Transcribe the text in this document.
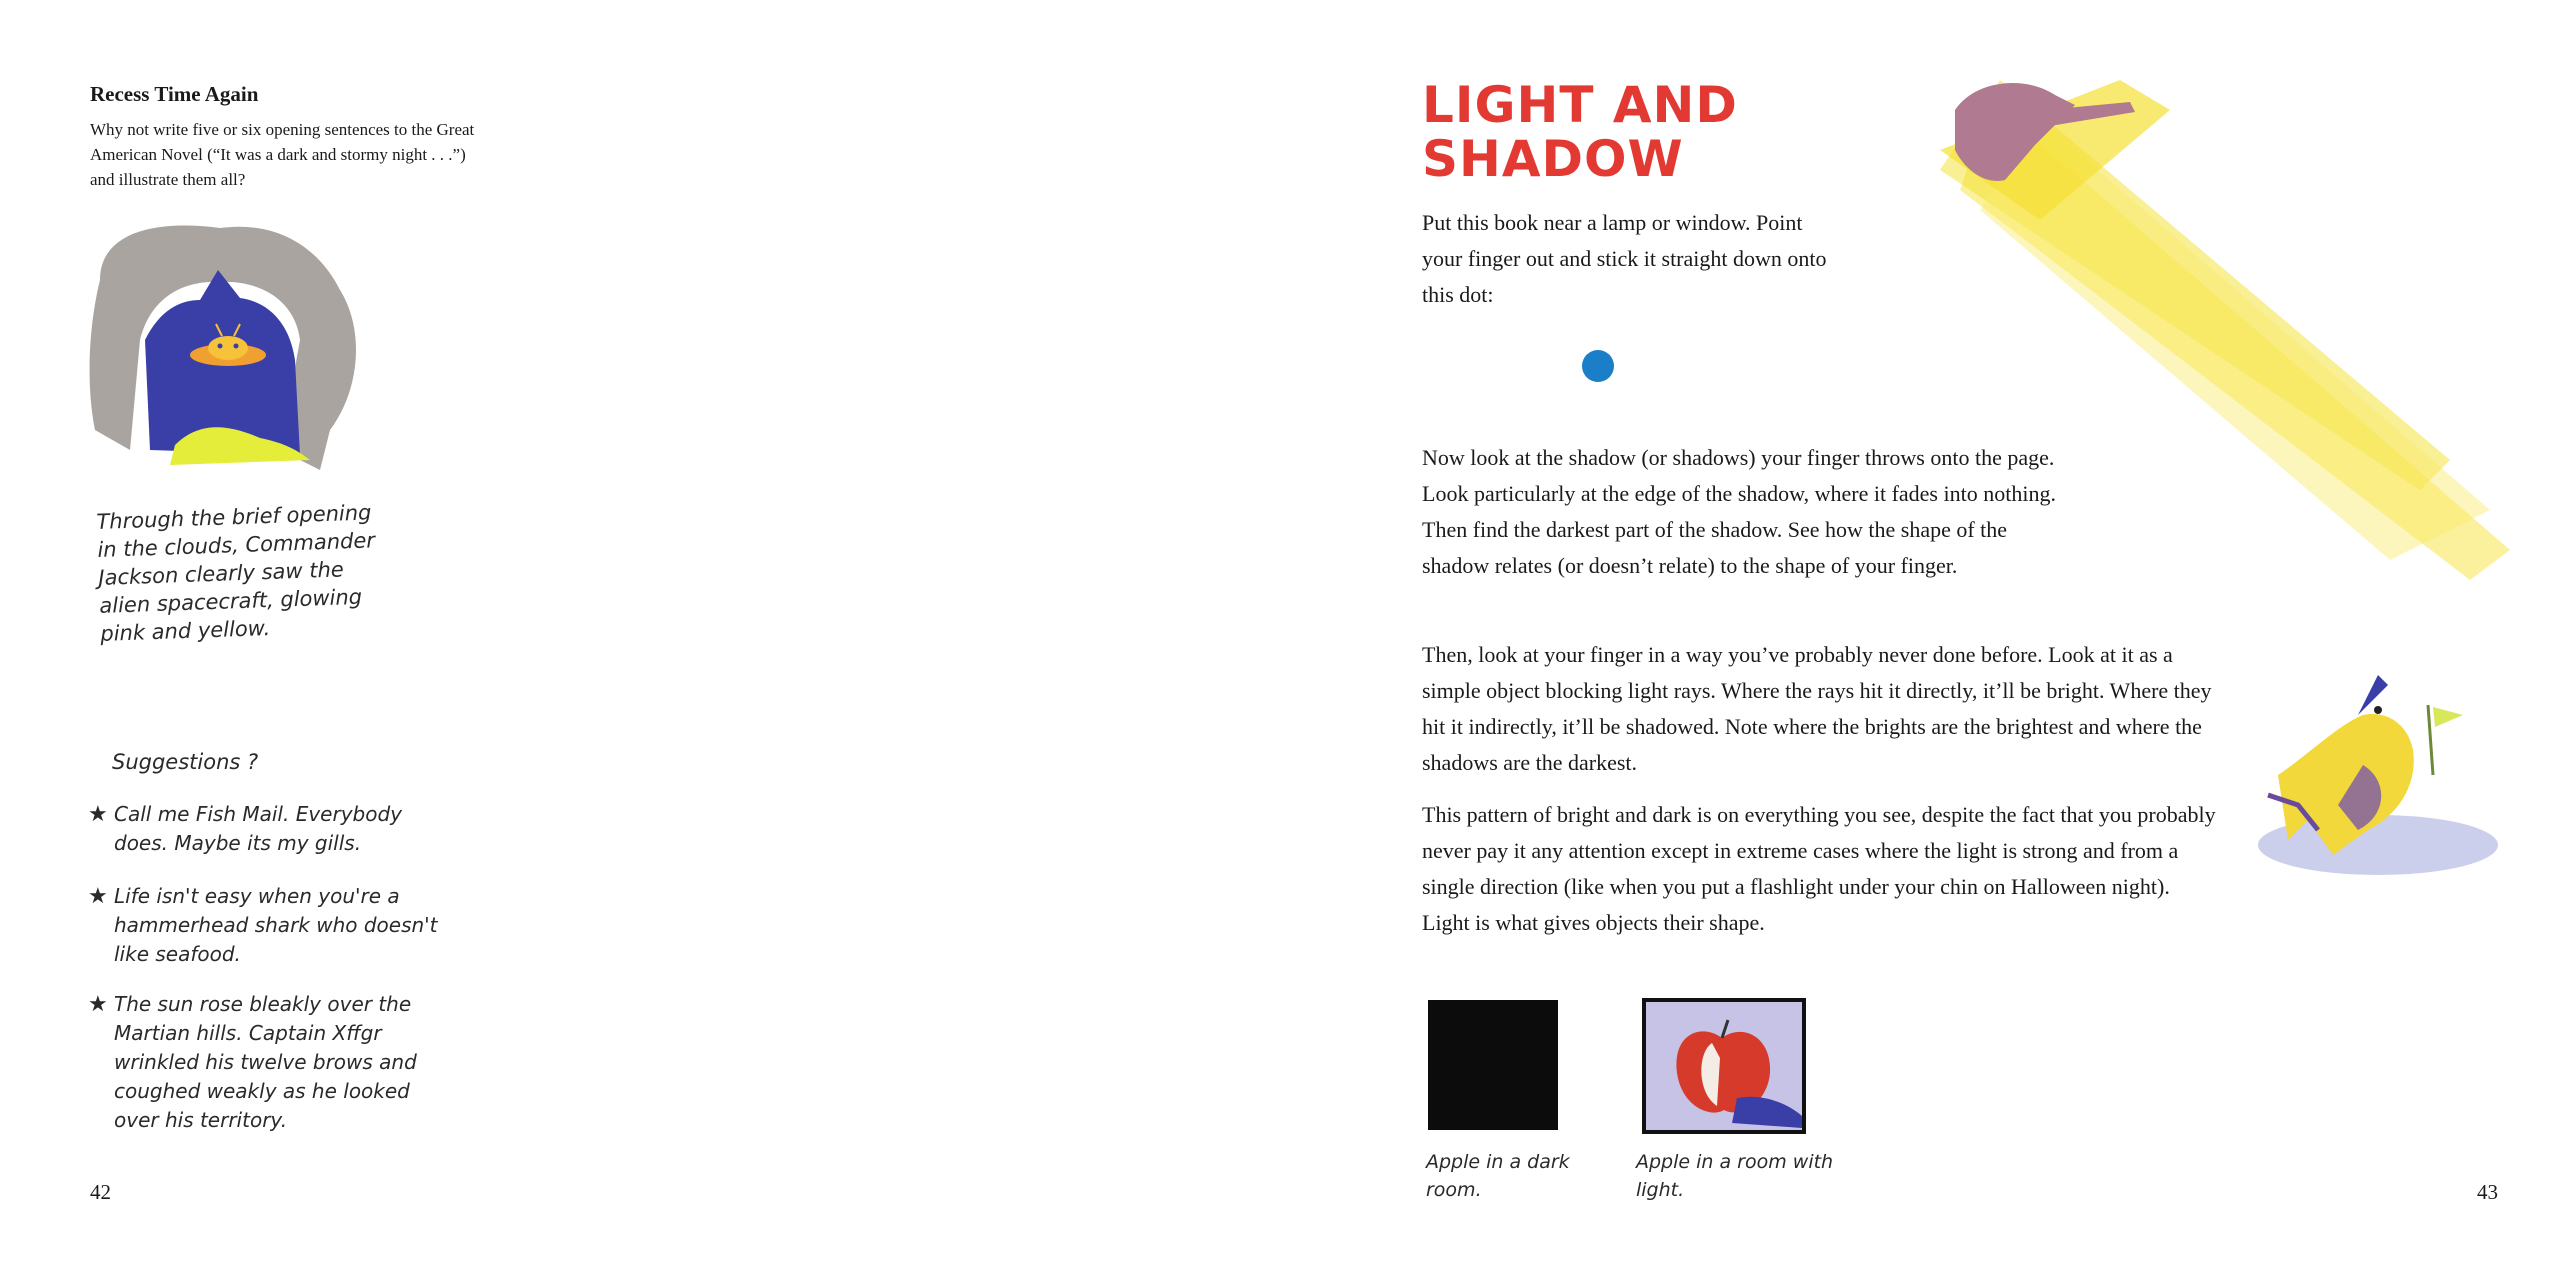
Recess Time Again

Why not write five or six opening sentences to the Great American Novel (“It was a dark and stormy night . . .”) and illustrate them all?

Through the brief opening in the clouds, Commander Jackson clearly saw the alien spacecraft, glowing pink and yellow.
Suggestions ?
★ Call me Fish Mail. Everybody does. Maybe its my gills.
★ Life isn't easy when you're a hammerhead shark who doesn't like seafood.
★ The sun rose bleakly over the Martian hills. Captain Xffgr wrinkled his twelve brows and coughed weakly as he looked over his territory.
42
LIGHT AND SHADOW

Put this book near a lamp or window. Point your finger out and stick it straight down onto this dot:

Now look at the shadow (or shadows) your finger throws onto the page. Look particularly at the edge of the shadow, where it fades into nothing. Then find the darkest part of the shadow. See how the shape of the shadow relates (or doesn’t relate) to the shape of your finger.

Then, look at your finger in a way you’ve probably never done before. Look at it as a simple object blocking light rays. Where the rays hit it directly, it’ll be bright. Where they hit it indirectly, it’ll be shadowed. Note where the brights are the brightest and where the shadows are the darkest.

This pattern of bright and dark is on everything you see, despite the fact that you probably never pay it any attention except in extreme cases where the light is strong and from a single direction (like when you put a flashlight under your chin on Halloween night). Light is what gives objects their shape.

Apple in a dark room.
Apple in a room with light.	43
